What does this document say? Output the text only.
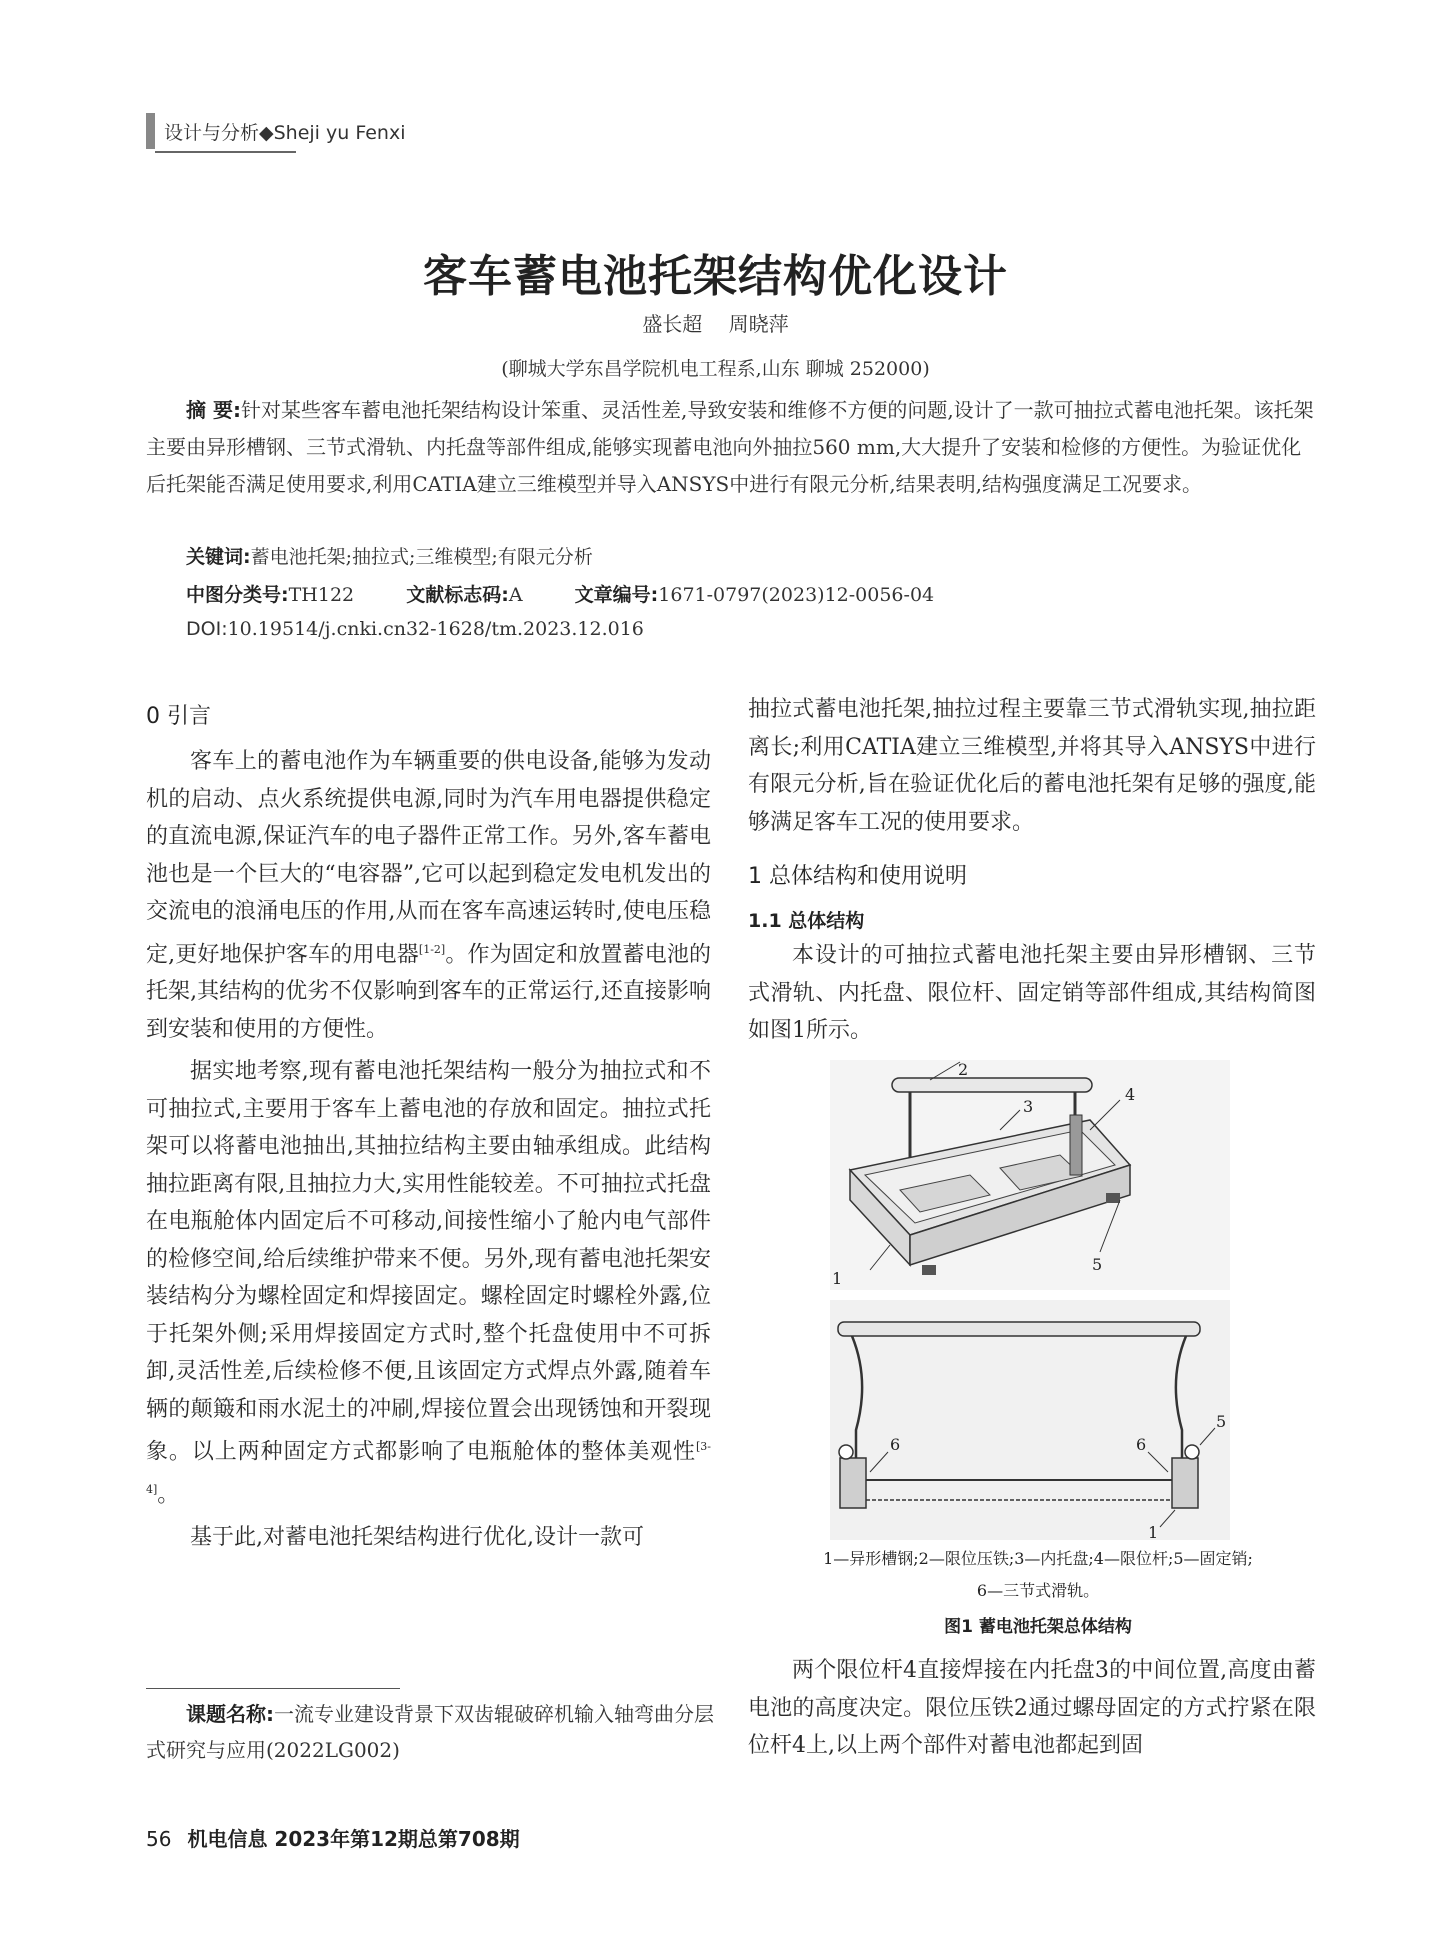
设计与分析◆Sheji yu Fenxi
客车蓄电池托架结构优化设计
盛长超 周晓萍
(聊城大学东昌学院机电工程系,山东 聊城 252000)
摘 要:针对某些客车蓄电池托架结构设计笨重、灵活性差,导致安装和维修不方便的问题,设计了一款可抽拉式蓄电池托架。该托架主要由异形槽钢、三节式滑轨、内托盘等部件组成,能够实现蓄电池向外抽拉560 mm,大大提升了安装和检修的方便性。为验证优化后托架能否满足使用要求,利用CATIA建立三维模型并导入ANSYS中进行有限元分析,结果表明,结构强度满足工况要求。
关键词:蓄电池托架;抽拉式;三维模型;有限元分析
中图分类号:TH122	文献标志码:A	文章编号:1671-0797(2023)12-0056-04
DOI:10.19514/j.cnki.cn32-1628/tm.2023.12.016
0 引言

客车上的蓄电池作为车辆重要的供电设备,能够为发动机的启动、点火系统提供电源,同时为汽车用电器提供稳定的直流电源,保证汽车的电子器件正常工作。另外,客车蓄电池也是一个巨大的“电容器”,它可以起到稳定发电机发出的交流电的浪涌电压的作用,从而在客车高速运转时,使电压稳定,更好地保护客车的用电器[1-2]。作为固定和放置蓄电池的托架,其结构的优劣不仅影响到客车的正常运行,还直接影响到安装和使用的方便性。

据实地考察,现有蓄电池托架结构一般分为抽拉式和不可抽拉式,主要用于客车上蓄电池的存放和固定。抽拉式托架可以将蓄电池抽出,其抽拉结构主要由轴承组成。此结构抽拉距离有限,且抽拉力大,实用性能较差。不可抽拉式托盘在电瓶舱体内固定后不可移动,间接性缩小了舱内电气部件的检修空间,给后续维护带来不便。另外,现有蓄电池托架安装结构分为螺栓固定和焊接固定。螺栓固定时螺栓外露,位于托架外侧;采用焊接固定方式时,整个托盘使用中不可拆卸,灵活性差,后续检修不便,且该固定方式焊点外露,随着车辆的颠簸和雨水泥土的冲刷,焊接位置会出现锈蚀和开裂现象。以上两种固定方式都影响了电瓶舱体的整体美观性[3-4]。

基于此,对蓄电池托架结构进行优化,设计一款可

课题名称:一流专业建设背景下双齿辊破碎机输入轴弯曲分层式研究与应用(2022LG002)

抽拉式蓄电池托架,抽拉过程主要靠三节式滑轨实现,抽拉距离长;利用CATIA建立三维模型,并将其导入ANSYS中进行有限元分析,旨在验证优化后的蓄电池托架有足够的强度,能够满足客车工况的使用要求。

1 总体结构和使用说明
1.1 总体结构

本设计的可抽拉式蓄电池托架主要由异形槽钢、三节式滑轨、内托盘、限位杆、固定销等部件组成,其结构简图如图1所示。

1
2
3
4
5
6	6
5
1
1—异形槽钢;2—限位压铁;3—内托盘;4—限位杆;5—固定销;
6—三节式滑轨。
图1 蓄电池托架总体结构

两个限位杆4直接焊接在内托盘3的中间位置,高度由蓄电池的高度决定。限位压铁2通过螺母固定的方式拧紧在限位杆4上,以上两个部件对蓄电池都起到固

56 机电信息 2023年第12期总第708期
